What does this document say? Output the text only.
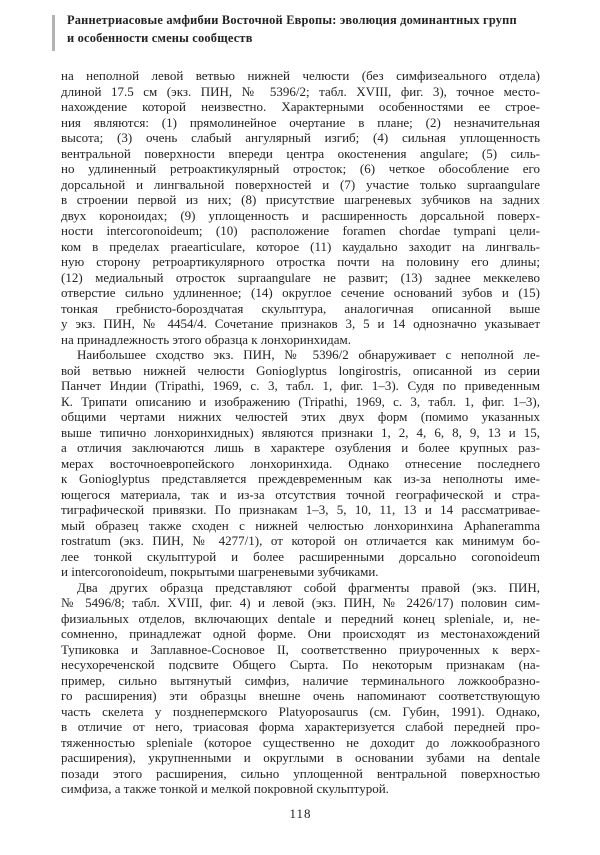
Раннетриасовые амфибии Восточной Европы: эволюция доминантных групп
и особенности смены сообществ
на неполной левой ветвью нижней челюсти (без симфизеального отдела)
длиной 17.5 см (экз. ПИН, № 5396/2; табл. XVIII, фиг. 3), точное место-
нахождение которой неизвестно. Характерными особенностями ее строе-
ния являются: (1) прямолинейное очертание в плане; (2) незначительная
высота; (3) очень слабый ангулярный изгиб; (4) сильная уплощенность
вентральной поверхности впереди центра окостенения angulare; (5) силь-
но удлиненный ретроактикулярный отросток; (6) четкое обособление его
дорсальной и лингвальной поверхностей и (7) участие только supraangulare
в строении первой из них; (8) присутствие шагреневых зубчиков на задних
двух короноидах; (9) уплощенность и расширенность дорсальной поверх-
ности intercoronoideum; (10) расположение foramen chordae tympani цели-
ком в пределах praearticulare, которое (11) каудально заходит на лингваль-
ную сторону ретроартикулярного отростка почти на половину его длины;
(12) медиальный отросток supraangulare не развит; (13) заднее меккелево
отверстие сильно удлиненное; (14) округлое сечение оснований зубов и (15)
тонкая гребнисто-бороздчатая скульптура, аналогичная описанной выше
у экз. ПИН, № 4454/4. Сочетание признаков 3, 5 и 14 однозначно указывает
на принадлежность этого образца к лонхоринхидам.
Наибольшее сходство экз. ПИН, № 5396/2 обнаруживает с неполной ле-
вой ветвью нижней челюсти Gonioglyptus longirostris, описанной из серии
Панчет Индии (Tripathi, 1969, с. 3, табл. 1, фиг. 1–3). Судя по приведенным
К. Трипати описанию и изображению (Tripathi, 1969, с. 3, табл. 1, фиг. 1–3),
общими чертами нижних челюстей этих двух форм (помимо указанных
выше типично лонхоринхидных) являются признаки 1, 2, 4, 6, 8, 9, 13 и 15,
а отличия заключаются лишь в характере озубления и более крупных раз-
мерах восточноевропейского лонхоринхида. Однако отнесение последнего
к Gonioglyptus представляется преждевременным как из-за неполноты име-
ющегося материала, так и из-за отсутствия точной географической и стра-
тиграфической привязки. По признакам 1–3, 5, 10, 11, 13 и 14 рассматривае-
мый образец также сходен с нижней челюстью лонхоринхина Aphaneramma
rostratum (экз. ПИН, № 4277/1), от которой он отличается как минимум бо-
лее тонкой скульптурой и более расширенными дорсально coronoideum
и intercoronoideum, покрытыми шагреневыми зубчиками.
Два других образца представляют собой фрагменты правой (экз. ПИН,
№ 5496/8; табл. XVIII, фиг. 4) и левой (экз. ПИН, № 2426/17) половин сим-
физиальных отделов, включающих dentale и передний конец spleniale, и, не-
сомненно, принадлежат одной форме. Они происходят из местонахождений
Тупиковка и Заплавное-Сосновое II, соответственно приуроченных к верх-
несухореченской подсвите Общего Сырта. По некоторым признакам (на-
пример, сильно вытянутый симфиз, наличие терминального ложкообразно-
го расширения) эти образцы внешне очень напоминают соответствующую
часть скелета у позднепермского Platyoposaurus (см. Губин, 1991). Однако,
в отличие от него, триасовая форма характеризуется слабой передней про-
тяженностью spleniale (которое существенно не доходит до ложкообразного
расширения), укрупненными и округлыми в основании зубами на dentale
позади этого расширения, сильно уплощенной вентральной поверхностью
симфиза, а также тонкой и мелкой покровной скульптурой.
118
